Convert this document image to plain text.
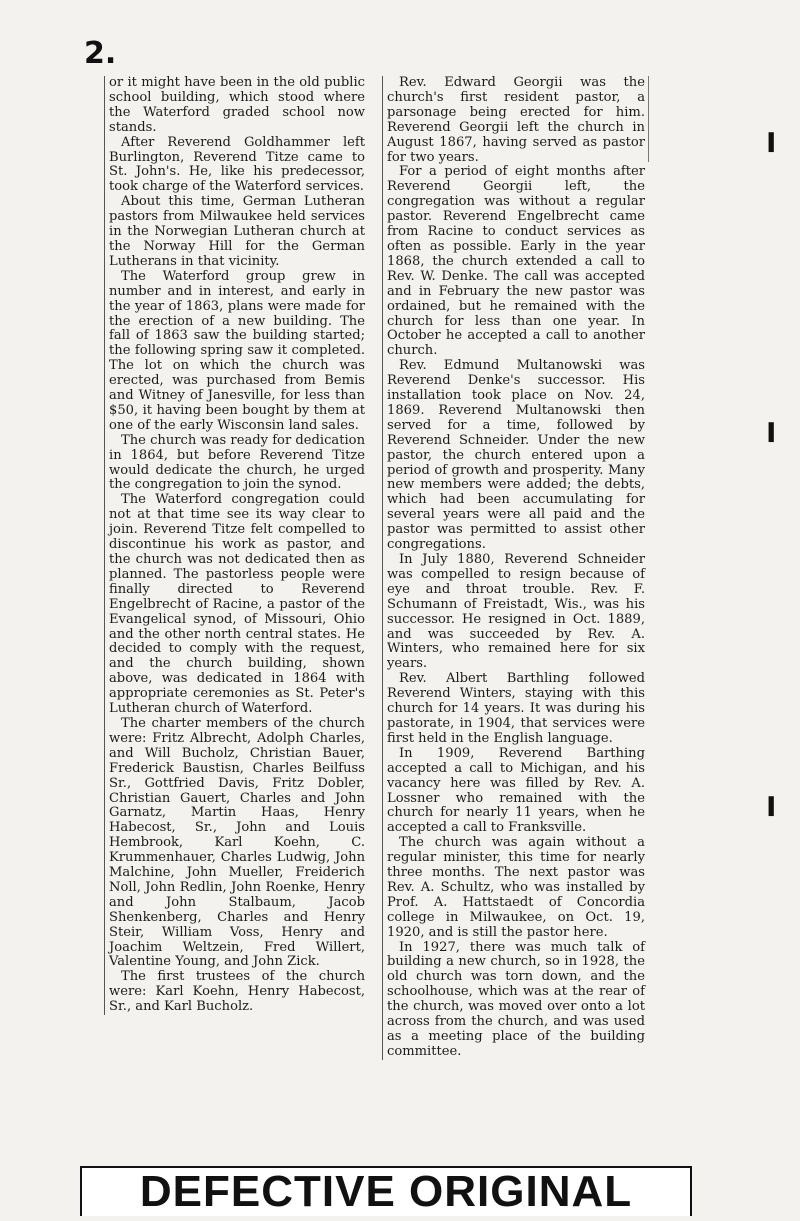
2.

or it might have been in the old public school building, which stood where the Waterford graded school now stands.

After Reverend Goldhammer left Burlington, Reverend Titze came to St. John's. He, like his predecessor, took charge of the Waterford services.

About this time, German Lutheran pastors from Milwaukee held services in the Norwegian Lutheran church at the Norway Hill for the German Lutherans in that vicinity.

The Waterford group grew in number and in interest, and early in the year of 1863, plans were made for the erection of a new building. The fall of 1863 saw the building started; the following spring saw it completed. The lot on which the church was erected, was purchased from Bemis and Witney of Janesville, for less than $50, it having been bought by them at one of the early Wisconsin land sales.

The church was ready for dedication in 1864, but before Reverend Titze would dedicate the church, he urged the congregation to join the synod.

The Waterford congregation could not at that time see its way clear to join. Reverend Titze felt compelled to discontinue his work as pastor, and the church was not dedicated then as planned. The pastorless people were finally directed to Reverend Engelbrecht of Racine, a pastor of the Evangelical synod, of Missouri, Ohio and the other north central states. He decided to comply with the request, and the church building, shown above, was dedicated in 1864 with appropriate ceremonies as St. Peter's Lutheran church of Waterford.

The charter members of the church were: Fritz Albrecht, Adolph Charles, and Will Bucholz, Christian Bauer, Frederick Baustisn, Charles Beilfuss Sr., Gottfried Davis, Fritz Dobler, Christian Gauert, Charles and John Garnatz, Martin Haas, Henry Habecost, Sr., John and Louis Hembrook, Karl Koehn, C. Krummenhauer, Charles Ludwig, John Malchine, John Mueller, Freiderich Noll, John Redlin, John Roenke, Henry and John Stalbaum, Jacob Shenkenberg, Charles and Henry Steir, William Voss, Henry and Joachim Weltzein, Fred Willert, Valentine Young, and John Zick.

The first trustees of the church were: Karl Koehn, Henry Habecost, Sr., and Karl Bucholz.

Rev. Edward Georgii was the church's first resident pastor, a parsonage being erected for him. Reverend Georgii left the church in August 1867, having served as pastor for two years.

For a period of eight months after Reverend Georgii left, the congregation was without a regular pastor. Reverend Engelbrecht came from Racine to conduct services as often as possible. Early in the year 1868, the church extended a call to Rev. W. Denke. The call was accepted and in February the new pastor was ordained, but he remained with the church for less than one year. In October he accepted a call to another church.

Rev. Edmund Multanowski was Reverend Denke's successor. His installation took place on Nov. 24, 1869. Reverend Multanowski then served for a time, followed by Reverend Schneider. Under the new pastor, the church entered upon a period of growth and prosperity. Many new members were added; the debts, which had been accumulating for several years were all paid and the pastor was permitted to assist other congregations.

In July 1880, Reverend Schneider was compelled to resign because of eye and throat trouble. Rev. F. Schumann of Freistadt, Wis., was his successor. He resigned in Oct. 1889, and was succeeded by Rev. A. Winters, who remained here for six years.

Rev. Albert Barthling followed Reverend Winters, staying with this church for 14 years. It was during his pastorate, in 1904, that services were first held in the English language.

In 1909, Reverend Barthing accepted a call to Michigan, and his vacancy here was filled by Rev. A. Lossner who remained with the church for nearly 11 years, when he accepted a call to Franksville.

The church was again without a regular minister, this time for nearly three months. The next pastor was Rev. A. Schultz, who was installed by Prof. A. Hattstaedt of Concordia college in Milwaukee, on Oct. 19, 1920, and is still the pastor here.

In 1927, there was much talk of building a new church, so in 1928, the old church was torn down, and the schoolhouse, which was at the rear of the church, was moved over onto a lot across from the church, and was used as a meeting place of the building committee.

▮
▮
▮
DEFECTIVE ORIGINAL
